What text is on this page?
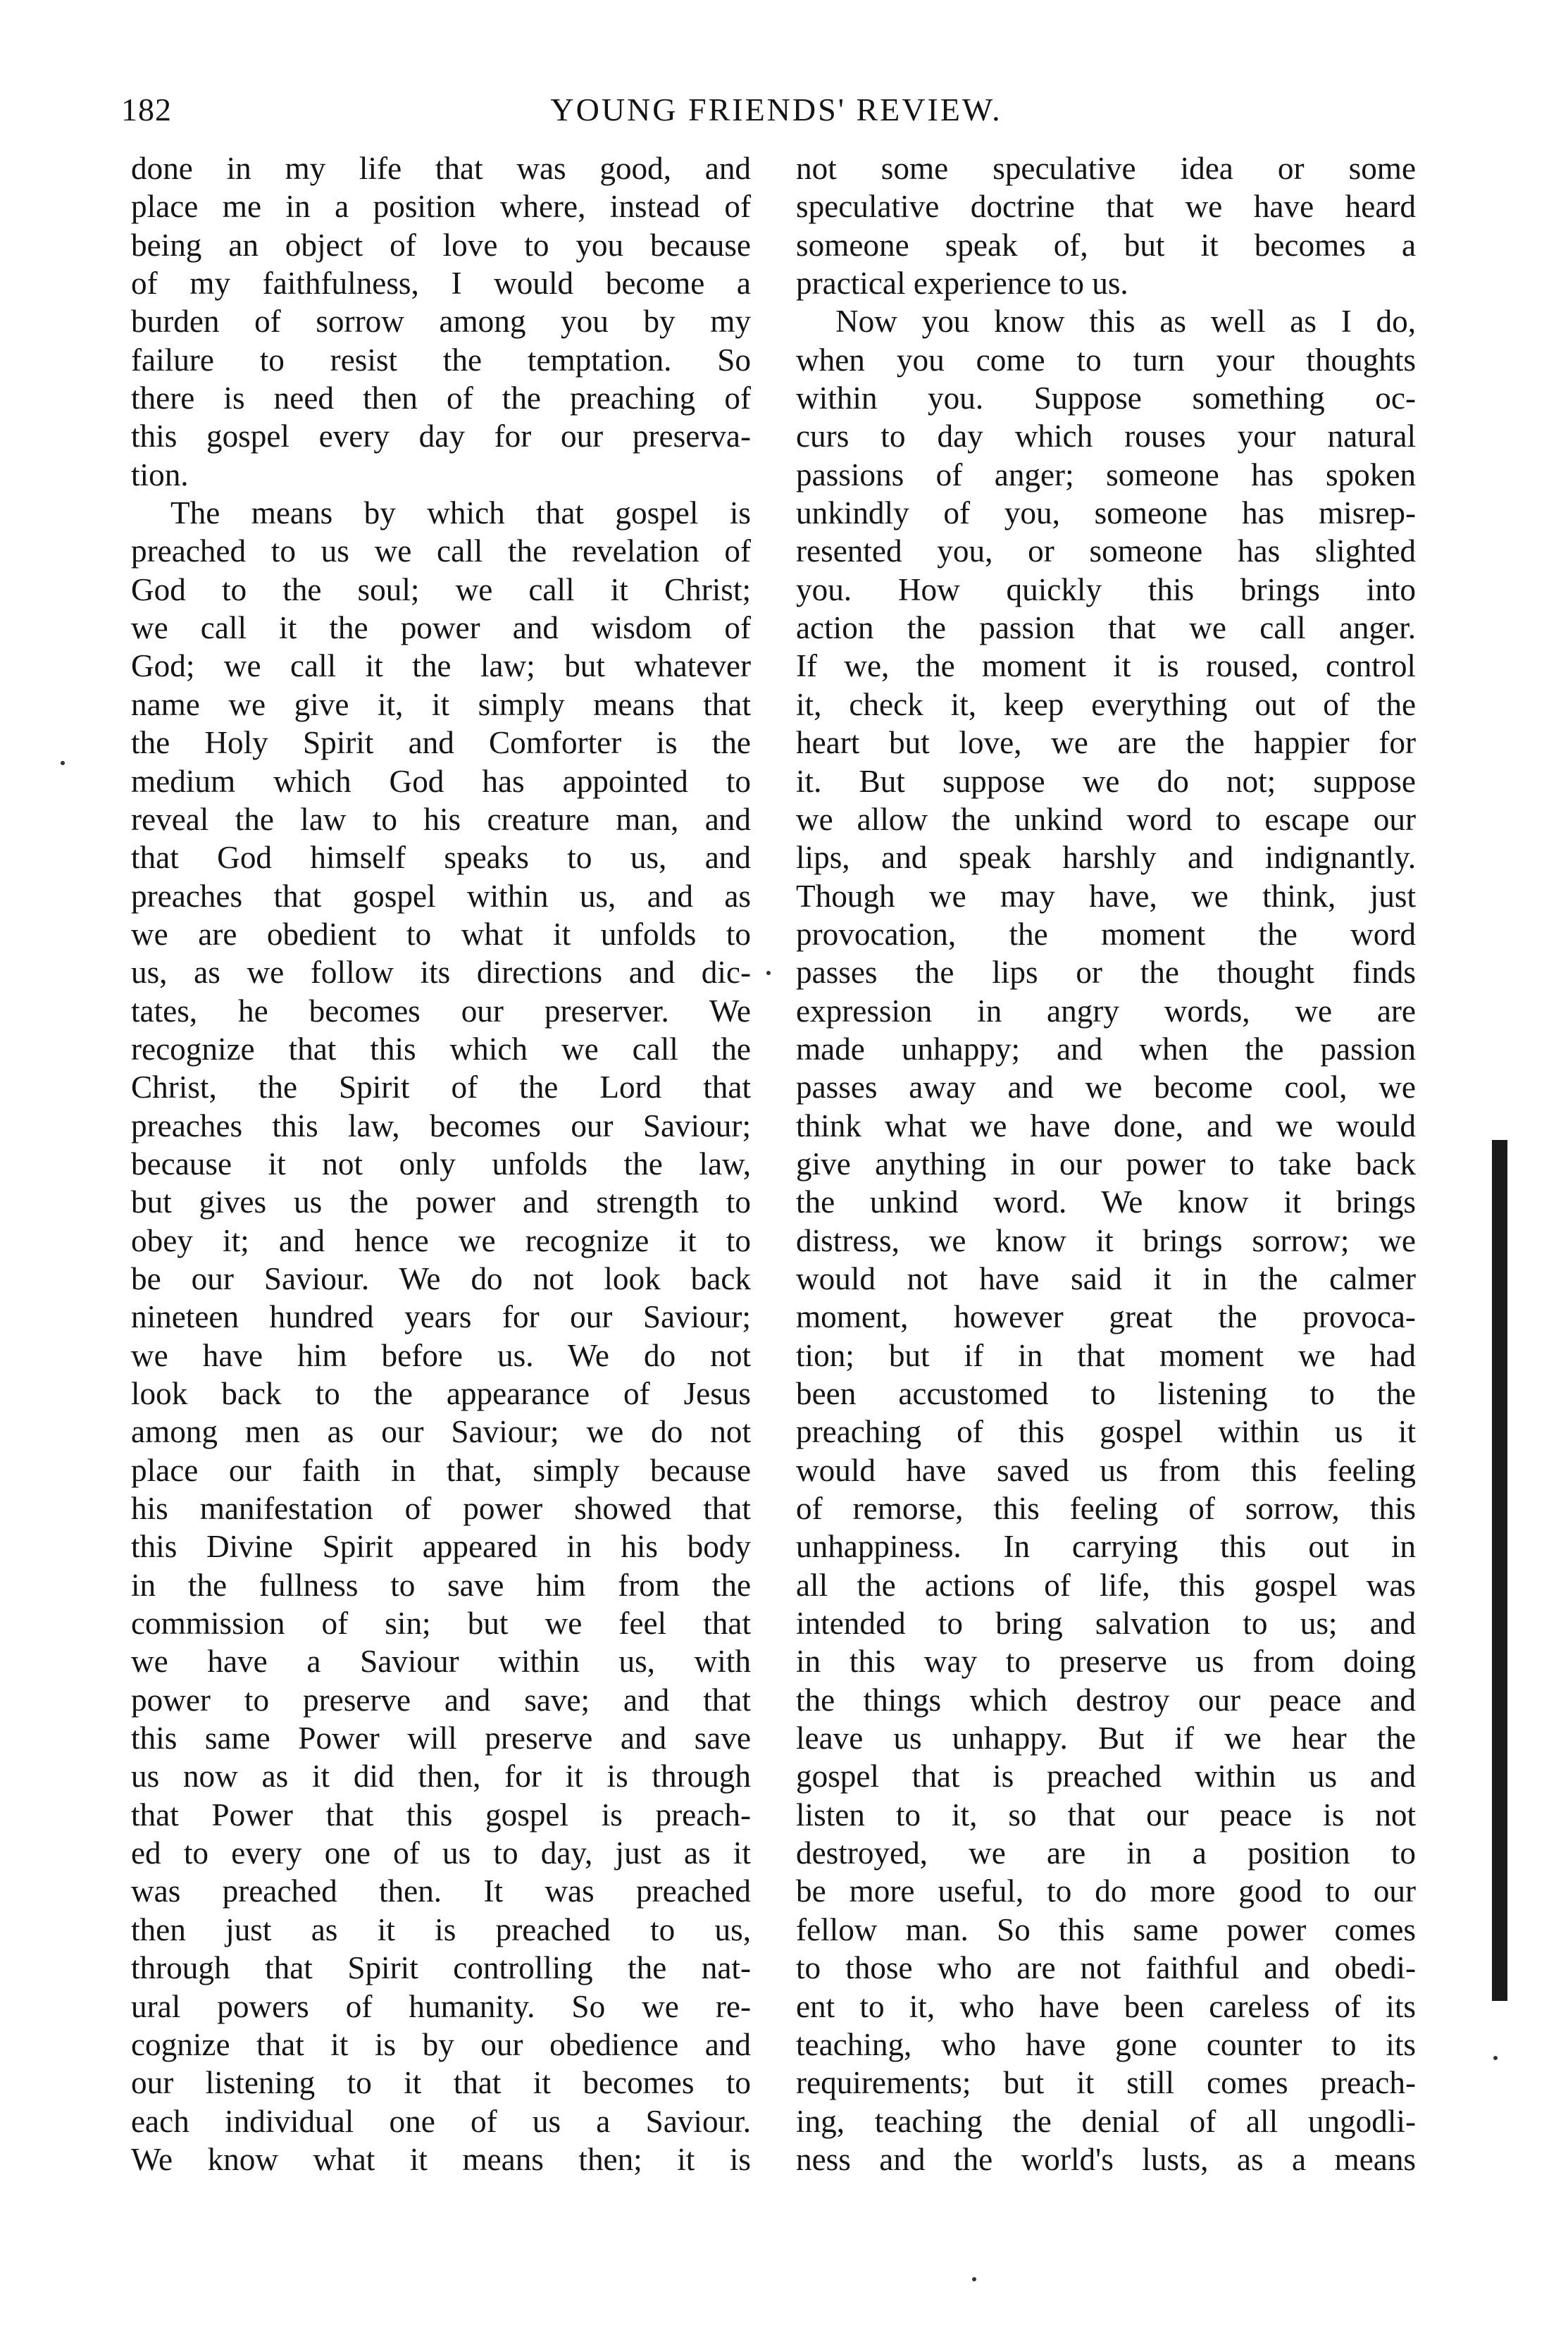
182	YOUNG FRIENDS' REVIEW.
done in my life that was good, and
place me in a position where, instead of
being an object of love to you because
of my faithfulness, I would become a
burden of sorrow among you by my
failure to resist the temptation. So
there is need then of the preaching of
this gospel every day for our preserva-
tion.
The means by which that gospel is
preached to us we call the revelation of
God to the soul; we call it Christ;
we call it the power and wisdom of
God; we call it the law; but whatever
name we give it, it simply means that
the Holy Spirit and Comforter is the
medium which God has appointed to
reveal the law to his creature man, and
that God himself speaks to us, and
preaches that gospel within us, and as
we are obedient to what it unfolds to
us, as we follow its directions and dic-
tates, he becomes our preserver. We
recognize that this which we call the
Christ, the Spirit of the Lord that
preaches this law, becomes our Saviour;
because it not only unfolds the law,
but gives us the power and strength to
obey it; and hence we recognize it to
be our Saviour. We do not look back
nineteen hundred years for our Saviour;
we have him before us. We do not
look back to the appearance of Jesus
among men as our Saviour; we do not
place our faith in that, simply because
his manifestation of power showed that
this Divine Spirit appeared in his body
in the fullness to save him from the
commission of sin; but we feel that
we have a Saviour within us, with
power to preserve and save; and that
this same Power will preserve and save
us now as it did then, for it is through
that Power that this gospel is preach-
ed to every one of us to day, just as it
was preached then. It was preached
then just as it is preached to us,
through that Spirit controlling the nat-
ural powers of humanity. So we re-
cognize that it is by our obedience and
our listening to it that it becomes to
each individual one of us a Saviour.
We know what it means then; it is
not some speculative idea or some
speculative doctrine that we have heard
someone speak of, but it becomes a
practical experience to us.
Now you know this as well as I do,
when you come to turn your thoughts
within you. Suppose something oc-
curs to day which rouses your natural
passions of anger; someone has spoken
unkindly of you, someone has misrep-
resented you, or someone has slighted
you. How quickly this brings into
action the passion that we call anger.
If we, the moment it is roused, control
it, check it, keep everything out of the
heart but love, we are the happier for
it. But suppose we do not; suppose
we allow the unkind word to escape our
lips, and speak harshly and indignantly.
Though we may have, we think, just
provocation, the moment the word
passes the lips or the thought finds
expression in angry words, we are
made unhappy; and when the passion
passes away and we become cool, we
think what we have done, and we would
give anything in our power to take back
the unkind word. We know it brings
distress, we know it brings sorrow; we
would not have said it in the calmer
moment, however great the provoca-
tion; but if in that moment we had
been accustomed to listening to the
preaching of this gospel within us it
would have saved us from this feeling
of remorse, this feeling of sorrow, this
unhappiness. In carrying this out in
all the actions of life, this gospel was
intended to bring salvation to us; and
in this way to preserve us from doing
the things which destroy our peace and
leave us unhappy. But if we hear the
gospel that is preached within us and
listen to it, so that our peace is not
destroyed, we are in a position to
be more useful, to do more good to our
fellow man. So this same power comes
to those who are not faithful and obedi-
ent to it, who have been careless of its
teaching, who have gone counter to its
requirements; but it still comes preach-
ing, teaching the denial of all ungodli-
ness and the world's lusts, as a means
